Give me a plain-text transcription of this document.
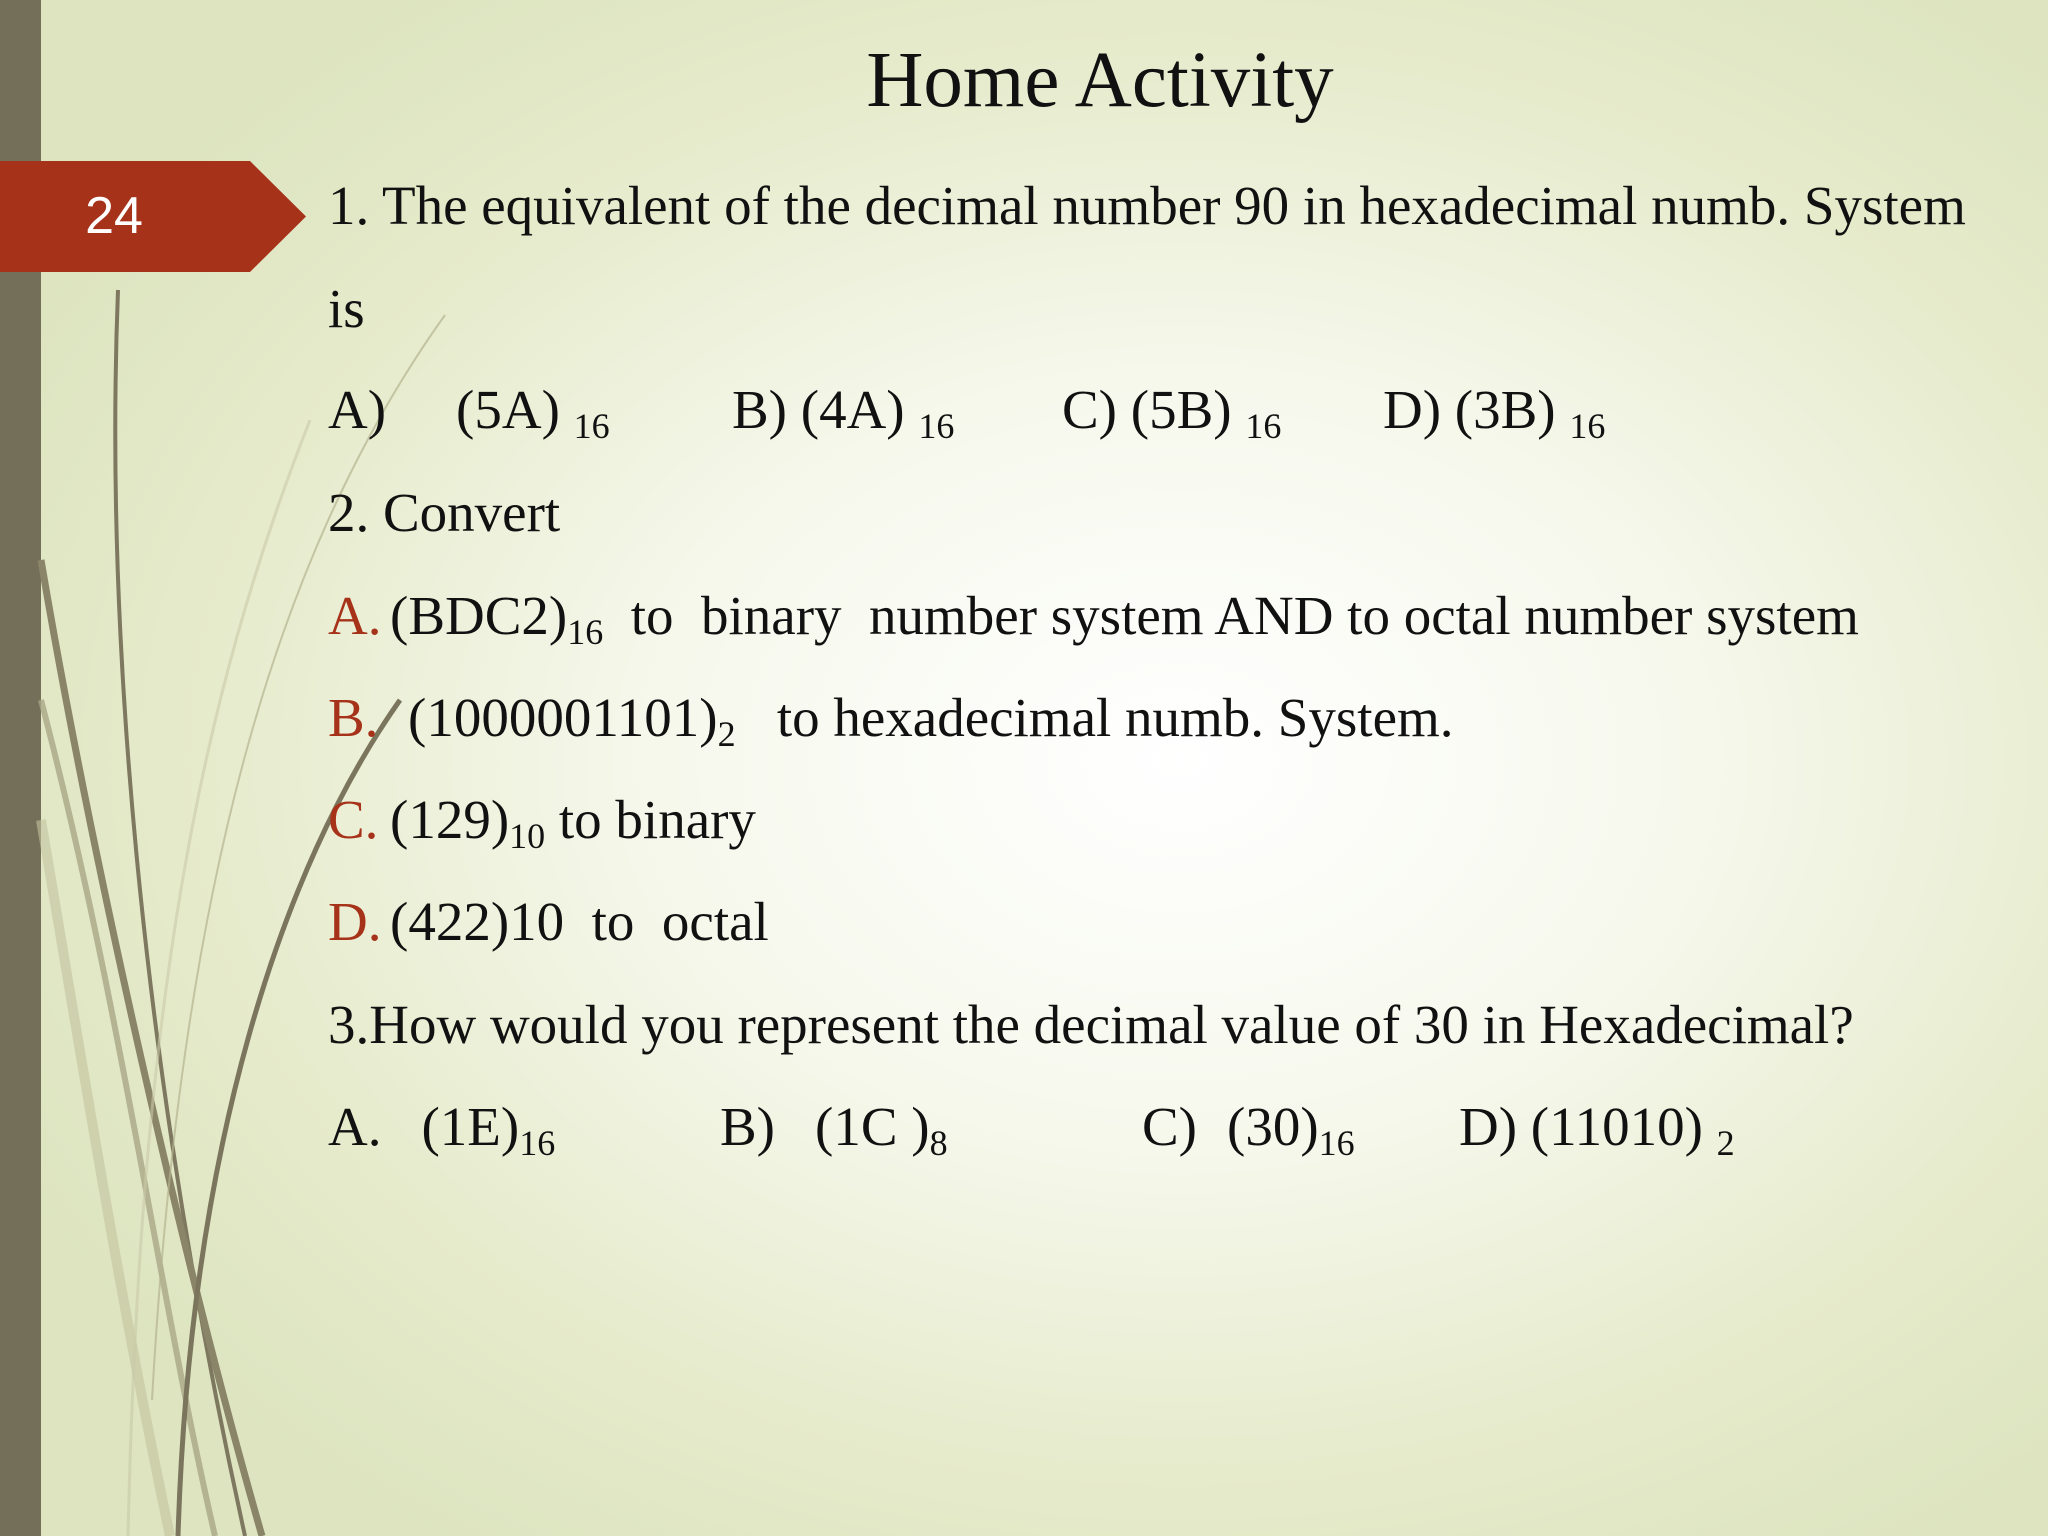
24
Home Activity
1. The equivalent of the decimal number 90 in hexadecimal numb. System
is
A) (5A) $_{16}$ B) (4A) $_{16}$ C) (5B) $_{16}$ D) (3B) $_{16}$
2. Convert
A. $(BDC2)_{16}$ to  binary  number system AND to octal number system
B. $(1000001101)_2$ to hexadecimal numb. System.
C. $(129)_{10}$ to binary
D. (422)10 to  octal
3.How would you represent the decimal value of 30 in Hexadecimal?
A. $(1E)_{16}$	B) (1C )$_8$	C) $(30)_{16}$ D) (11010) $_2$
